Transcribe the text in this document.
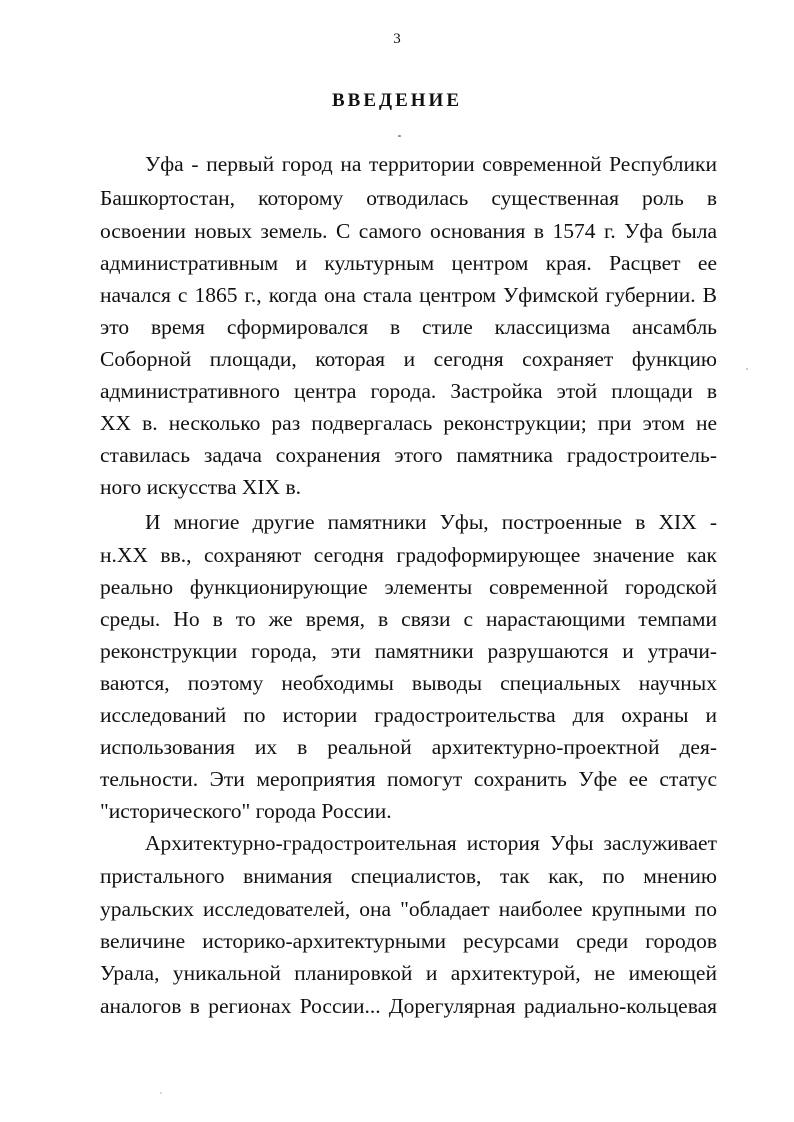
3
ВВЕДЕНИЕ
Уфа - первый город на территории современной Республики
Башкортостан, которому отводилась существенная роль в
освоении новых земель. С самого основания в 1574 г. Уфа была
административным и культурным центром края. Расцвет ее
начался с 1865 г., когда она стала центром Уфимской губернии. В
это время сформировался в стиле классицизма ансамбль
Соборной площади, которая и сегодня сохраняет функцию
административного центра города. Застройка этой площади в
XX в. несколько раз подвергалась реконструкции; при этом не
ставилась задача сохранения этого памятника градостроитель-
ного искусства XIX в.
И многие другие памятники Уфы, построенные в XIX -
н.XX вв., сохраняют сегодня градоформирующее значение как
реально функционирующие элементы современной городской
среды. Но в то же время, в связи с нарастающими темпами
реконструкции города, эти памятники разрушаются и утрачи-
ваются, поэтому необходимы выводы специальных научных
исследований по истории градостроительства для охраны и
использования их в реальной архитектурно-проектной дея-
тельности. Эти мероприятия помогут сохранить Уфе ее статус
"исторического" города России.
Архитектурно-градостроительная история Уфы заслуживает
пристального внимания специалистов, так как, по мнению
уральских исследователей, она "обладает наиболее крупными по
величине историко-архитектурными ресурсами среди городов
Урала, уникальной планировкой и архитектурой, не имеющей
аналогов в регионах России... Дорегулярная радиально-кольцевая
